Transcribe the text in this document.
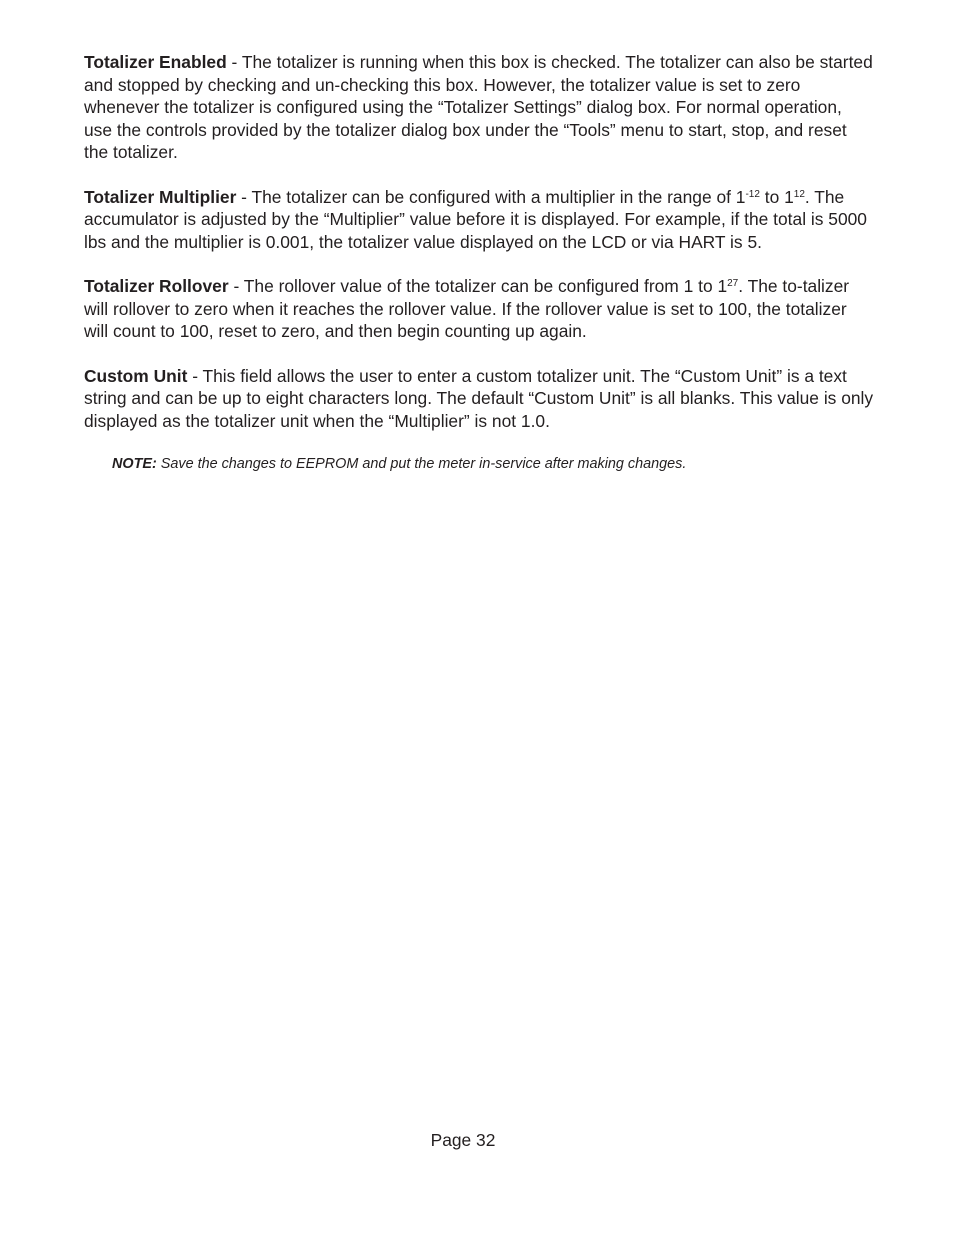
Totalizer Enabled - The totalizer is running when this box is checked. The totalizer can also be started and stopped by checking and un-checking this box. However, the totalizer value is set to zero whenever the totalizer is configured using the “Totalizer Settings” dialog box. For normal operation, use the controls provided by the totalizer dialog box under the “Tools” menu to start, stop, and reset the totalizer.

Totalizer Multiplier - The totalizer can be configured with a multiplier in the range of $1^{-12}$ to $1^{12}$. The accumulator is adjusted by the “Multiplier” value before it is displayed. For example, if the total is 5000 lbs and the multiplier is 0.001, the totalizer value displayed on the LCD or via HART is 5.

Totalizer Rollover - The rollover value of the totalizer can be configured from 1 to $1^{27}$. The to-talizer will rollover to zero when it reaches the rollover value. If the rollover value is set to 100, the totalizer will count to 100, reset to zero, and then begin counting up again.

Custom Unit - This field allows the user to enter a custom totalizer unit. The “Custom Unit” is a text string and can be up to eight characters long. The default “Custom Unit” is all blanks. This value is only displayed as the totalizer unit when the “Multiplier” is not 1.0.

NOTE: Save the changes to EEPROM and put the meter in-service after making changes.

Page 32
